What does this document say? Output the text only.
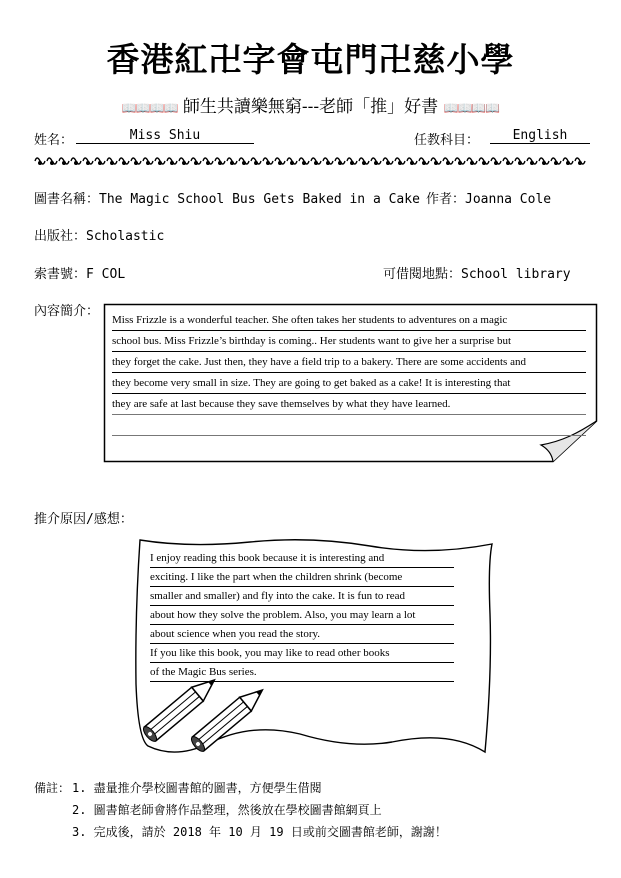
香港紅卍字會屯門卍慈小學
📖📖📖📖 師生共讀樂無窮---老師「推」好書 📖📖📖📖
姓名：	Miss Shiu	任教科目：	English
圖書名稱：The Magic School Bus Gets Baked in a Cake 作者：Joanna Cole
出版社：Scholastic
索書號：F COL	可借閱地點：School library
內容簡介：
Miss Frizzle is a wonderful teacher. She often takes her students to adventures on a magic
school bus. Miss Frizzle’s birthday is coming.. Her students want to give her a surprise but
they forget the cake. Just then, they have a field trip to a bakery. There are some accidents and
they become very small in size. They are going to get baked as a cake! It is interesting that
they are safe at last because they save themselves by what they have learned.
推介原因/感想：
I enjoy reading this book because it is interesting and
exciting. I like the part when the children shrink (become
smaller and smaller) and fly into the cake. It is fun to read
about how they solve the problem. Also, you may learn a lot
about science when you read the story.
If you like this book, you may like to read other books
of the Magic Bus series.
備註： 1. 盡量推介學校圖書館的圖書，方便學生借閱
2. 圖書館老師會將作品整理，然後放在學校圖書館網頁上
3. 完成後，請於 2018 年 10 月 19 日或前交圖書館老師，謝謝！
